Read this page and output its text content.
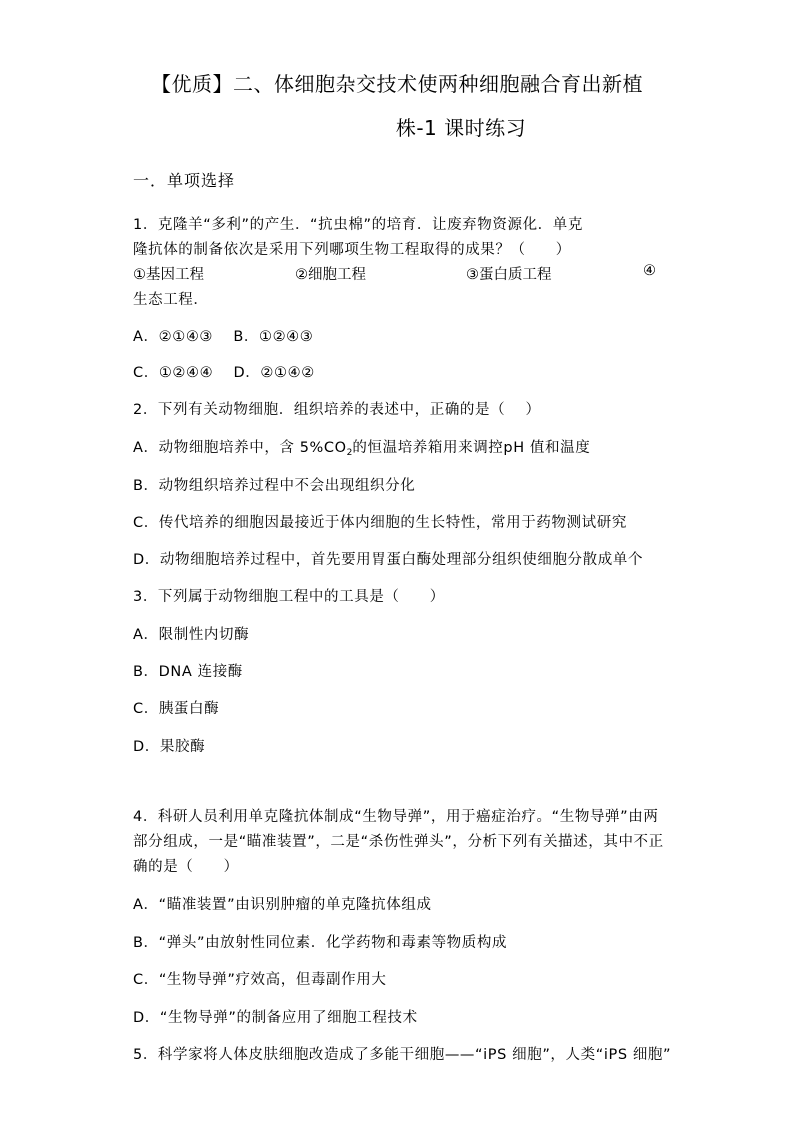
【优质】二、体细胞杂交技术使两种细胞融合育出新植
株-1 课时练习
一．单项选择
1．克隆羊“多利”的产生．“抗虫棉”的培育．让废弃物资源化．单克
隆抗体的制备依次是采用下列哪项生物工程取得的成果？（　　）
①基因工程	②细胞工程	③蛋白质工程	④
生态工程．
A．②①④③　 B．①②④③
C．①②④④　 D．②①④②
2．下列有关动物细胞．组织培养的表述中，正确的是（　 ）
A．动物细胞培养中，含 $5\%CO_2$的恒温培养箱用来调控pH 值和温度
B．动物组织培养过程中不会出现组织分化
C．传代培养的细胞因最接近于体内细胞的生长特性，常用于药物测试研究
D．动物细胞培养过程中，首先要用胃蛋白酶处理部分组织使细胞分散成单个
3．下列属于动物细胞工程中的工具是（　　）
A．限制性内切酶
B．DNA 连接酶
C．胰蛋白酶
D．果胶酶
4．科研人员利用单克隆抗体制成“生物导弹”，用于癌症治疗。“生物导弹”由两
部分组成，一是“瞄准装置”，二是“杀伤性弹头”，分析下列有关描述，其中不正
确的是（　　）
A．“瞄准装置”由识别肿瘤的单克隆抗体组成
B．“弹头”由放射性同位素．化学药物和毒素等物质构成
C．“生物导弹”疗效高，但毒副作用大
D．“生物导弹”的制备应用了细胞工程技术
5．科学家将人体皮肤细胞改造成了多能干细胞——“iPS 细胞”，人类“iPS 细胞”
